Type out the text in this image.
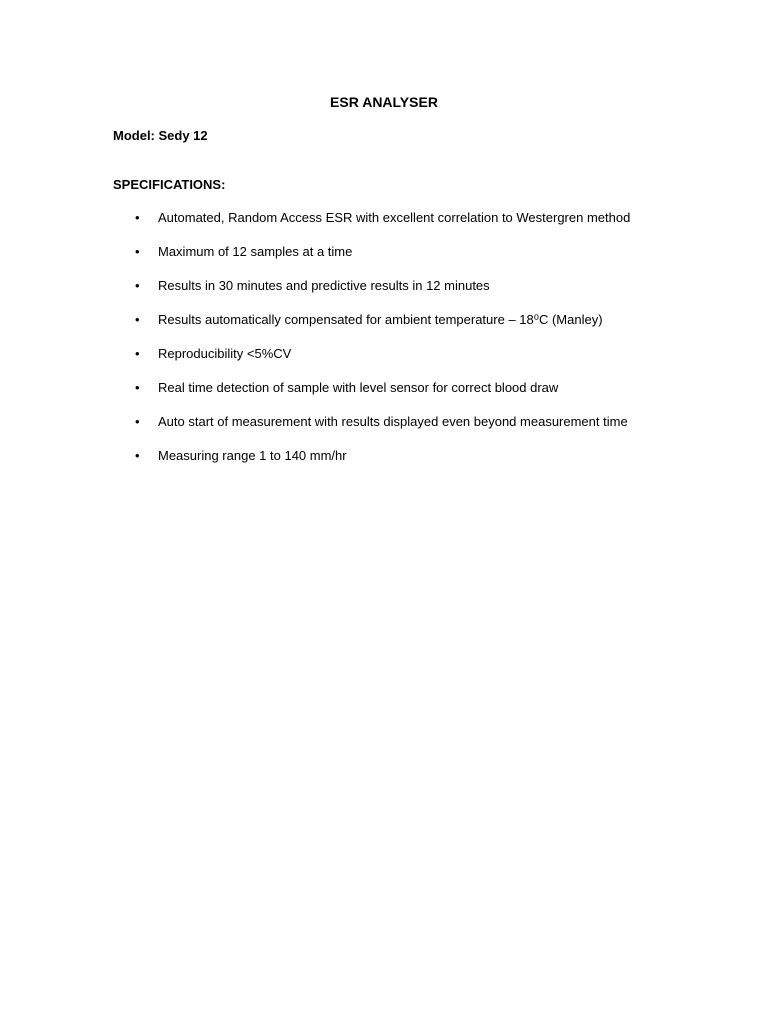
ESR ANALYSER
Model: Sedy 12
SPECIFICATIONS:
• Automated, Random Access ESR with excellent correlation to Westergren method
• Maximum of 12 samples at a time
• Results in 30 minutes and predictive results in 12 minutes
• Results automatically compensated for ambient temperature – 18⁰C (Manley)
• Reproducibility <5%CV
• Real time detection of sample with level sensor for correct blood draw
• Auto start of measurement with results displayed even beyond measurement time
• Measuring range 1 to 140 mm/hr
